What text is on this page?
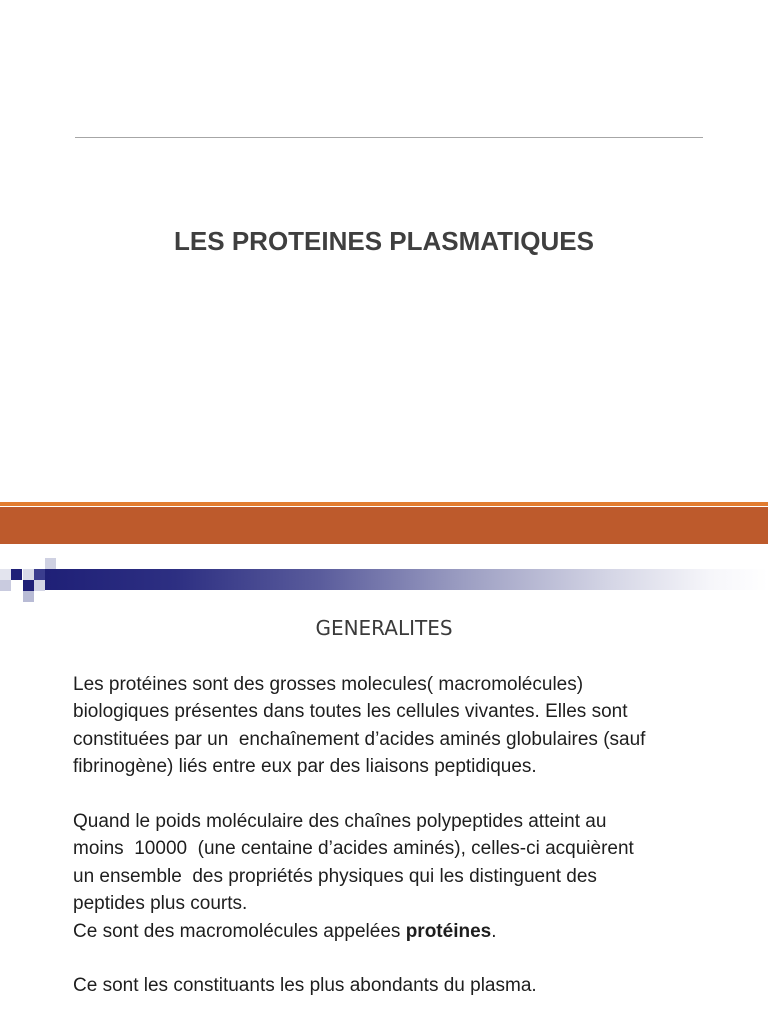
LES PROTEINES PLASMATIQUES
GENERALITES
Les protéines sont des grosses molecules( macromolécules)
biologiques présentes dans toutes les cellules vivantes. Elles sont
constituées par un  enchaînement d’acides aminés globulaires (sauf
fibrinogène) liés entre eux par des liaisons peptidiques.
Quand le poids moléculaire des chaînes polypeptides atteint au
moins  10000  (une centaine d’acides aminés), celles-ci acquièrent
un ensemble  des propriétés physiques qui les distinguent des
peptides plus courts.
Ce sont des macromolécules appelées protéines.
Ce sont les constituants les plus abondants du plasma.
